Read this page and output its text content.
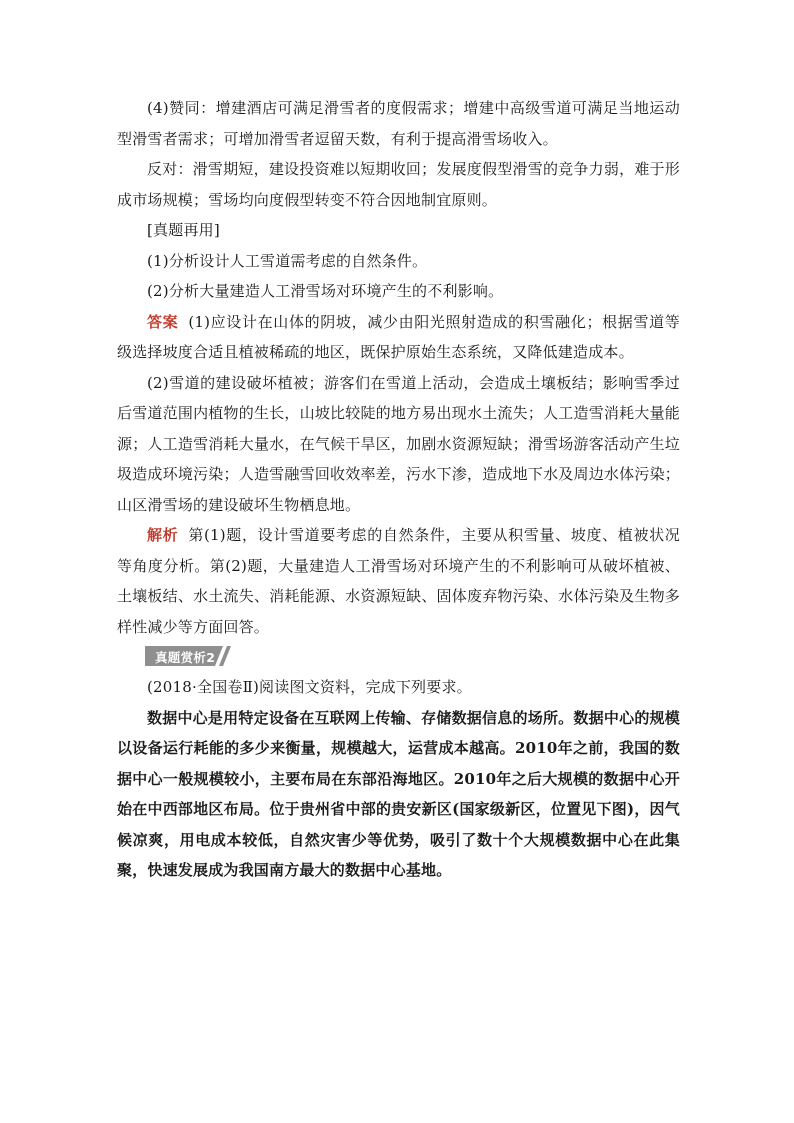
(4)赞同：增建酒店可满足滑雪者的度假需求；增建中高级雪道可满足当地运动型滑雪者需求；可增加滑雪者逗留天数，有利于提高滑雪场收入。

反对：滑雪期短，建设投资难以短期收回；发展度假型滑雪的竞争力弱，难于形成市场规模；雪场均向度假型转变不符合因地制宜原则。

[真题再用]

(1)分析设计人工雪道需考虑的自然条件。

(2)分析大量建造人工滑雪场对环境产生的不利影响。

答案 (1)应设计在山体的阴坡，减少由阳光照射造成的积雪融化；根据雪道等级选择坡度合适且植被稀疏的地区，既保护原始生态系统，又降低建造成本。

(2)雪道的建设破坏植被；游客们在雪道上活动，会造成土壤板结；影响雪季过后雪道范围内植物的生长，山坡比较陡的地方易出现水土流失；人工造雪消耗大量能源；人工造雪消耗大量水，在气候干旱区，加剧水资源短缺；滑雪场游客活动产生垃圾造成环境污染；人造雪融雪回收效率差，污水下渗，造成地下水及周边水体污染；山区滑雪场的建设破坏生物栖息地。

解析 第(1)题，设计雪道要考虑的自然条件，主要从积雪量、坡度、植被状况等角度分析。第(2)题，大量建造人工滑雪场对环境产生的不利影响可从破坏植被、土壤板结、水土流失、消耗能源、水资源短缺、固体废弃物污染、水体污染及生物多样性减少等方面回答。

真题赏析2

(2018·全国卷Ⅱ)阅读图文资料，完成下列要求。

数据中心是用特定设备在互联网上传输、存储数据信息的场所。数据中心的规模以设备运行耗能的多少来衡量，规模越大，运营成本越高。2010年之前，我国的数据中心一般规模较小，主要布局在东部沿海地区。2010年之后大规模的数据中心开始在中西部地区布局。位于贵州省中部的贵安新区(国家级新区，位置见下图)，因气候凉爽，用电成本较低，自然灾害少等优势，吸引了数十个大规模数据中心在此集聚，快速发展成为我国南方最大的数据中心基地。
